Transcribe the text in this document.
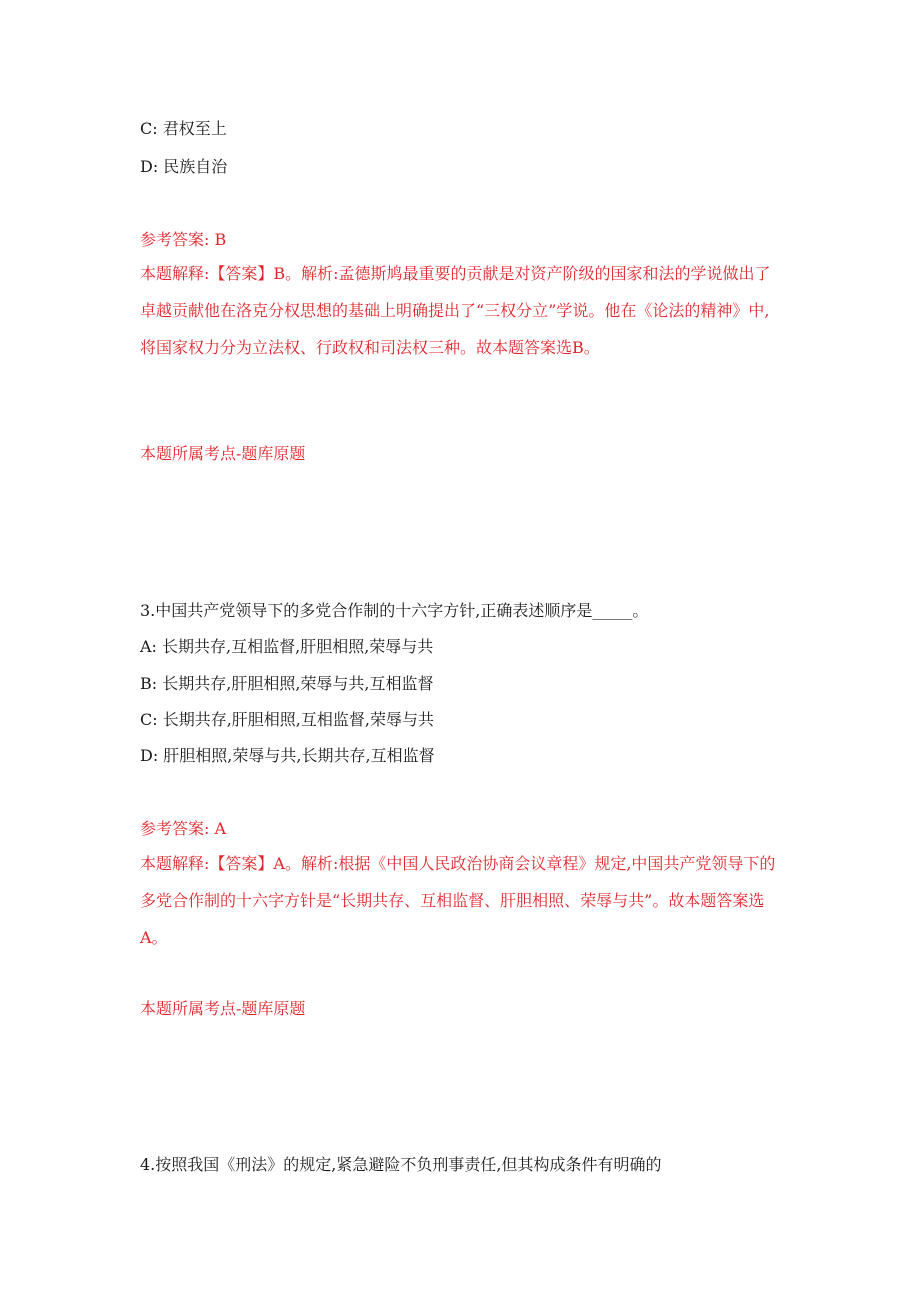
C: 君权至上
D: 民族自治
参考答案: B
本题解释:【答案】B。解析:孟德斯鸠最重要的贡献是对资产阶级的国家和法的学说做出了卓越贡献他在洛克分权思想的基础上明确提出了“三权分立”学说。他在《论法的精神》中,将国家权力分为立法权、行政权和司法权三种。故本题答案选B。
本题所属考点-题库原题
3.中国共产党领导下的多党合作制的十六字方针,正确表述顺序是_____。
A: 长期共存,互相监督,肝胆相照,荣辱与共
B: 长期共存,肝胆相照,荣辱与共,互相监督
C: 长期共存,肝胆相照,互相监督,荣辱与共
D: 肝胆相照,荣辱与共,长期共存,互相监督
参考答案: A
本题解释:【答案】A。解析:根据《中国人民政治协商会议章程》规定,中国共产党领导下的多党合作制的十六字方针是“长期共存、互相监督、肝胆相照、荣辱与共”。故本题答案选A。
本题所属考点-题库原题
4.按照我国《刑法》的规定,紧急避险不负刑事责任,但其构成条件有明确的
